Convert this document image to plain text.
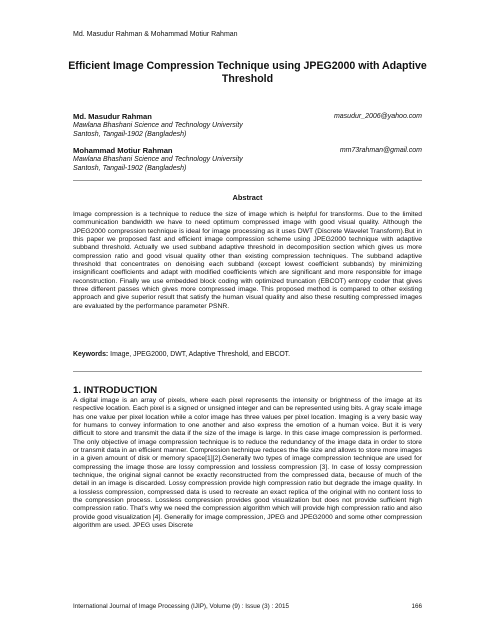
Md. Masudur Rahman & Mohammad Motiur Rahman
Efficient Image Compression Technique using JPEG2000 with Adaptive Threshold
Md. Masudur Rahman	masudur_2006@yahoo.com
Mawlana Bhashani Science and Technology University
Santosh, Tangail-1902 (Bangladesh)
Mohammad Motiur Rahman	mm73rahman@gmail.com
Mawlana Bhashani Science and Technology University
Santosh, Tangail-1902 (Bangladesh)
Abstract
Image compression is a technique to reduce the size of image which is helpful for transforms. Due to the limited communication bandwidth we have to need optimum compressed image with good visual quality. Although the JPEG2000 compression technique is ideal for image processing as it uses DWT (Discrete Wavelet Transform).But in this paper we proposed fast and efficient image compression scheme using JPEG2000 technique with adaptive subband threshold. Actually we used subband adaptive threshold in decomposition section which gives us more compression ratio and good visual quality other than existing compression techniques. The subband adaptive threshold that concentrates on denoising each subband (except lowest coefficient subbands) by minimizing insignificant coefficients and adapt with modified coefficients which are significant and more responsible for image reconstruction. Finally we use embedded block coding with optimized truncation (EBCOT) entropy coder that gives three different passes which gives more compressed image. This proposed method is compared to other existing approach and give superior result that satisfy the human visual quality and also these resulting compressed images are evaluated by the performance parameter PSNR.
Keywords: Image, JPEG2000, DWT, Adaptive Threshold, and EBCOT.
1. INTRODUCTION
A digital image is an array of pixels, where each pixel represents the intensity or brightness of the image at its respective location. Each pixel is a signed or unsigned integer and can be represented using bits. A gray scale image has one value per pixel location while a color image has three values per pixel location. Imaging is a very basic way for humans to convey information to one another and also express the emotion of a human voice. But it is very difficult to store and transmit the data if the size of the image is large. In this case image compression is performed. The only objective of image compression technique is to reduce the redundancy of the image data in order to store or transmit data in an efficient manner. Compression technique reduces the file size and allows to store more images in a given amount of disk or memory space[1][2].Generally two types of image compression technique are used for compressing the image those are lossy compression and lossless compression [3]. In case of lossy compression technique, the original signal cannot be exactly reconstructed from the compressed data, because of much of the detail in an image is discarded. Lossy compression provide high compression ratio but degrade the image quality. In a lossless compression, compressed data is used to recreate an exact replica of the original with no content loss to the compression process. Lossless compression provides good visualization but does not provide sufficient high compression ratio. That's why we need the compression algorithm which will provide high compression ratio and also provide good visualization [4]. Generally for image compression, JPEG and JPEG2000 and some other compression algorithm are used. JPEG uses Discrete
International Journal of Image Processing (IJIP), Volume (9) : Issue (3) : 2015	166
